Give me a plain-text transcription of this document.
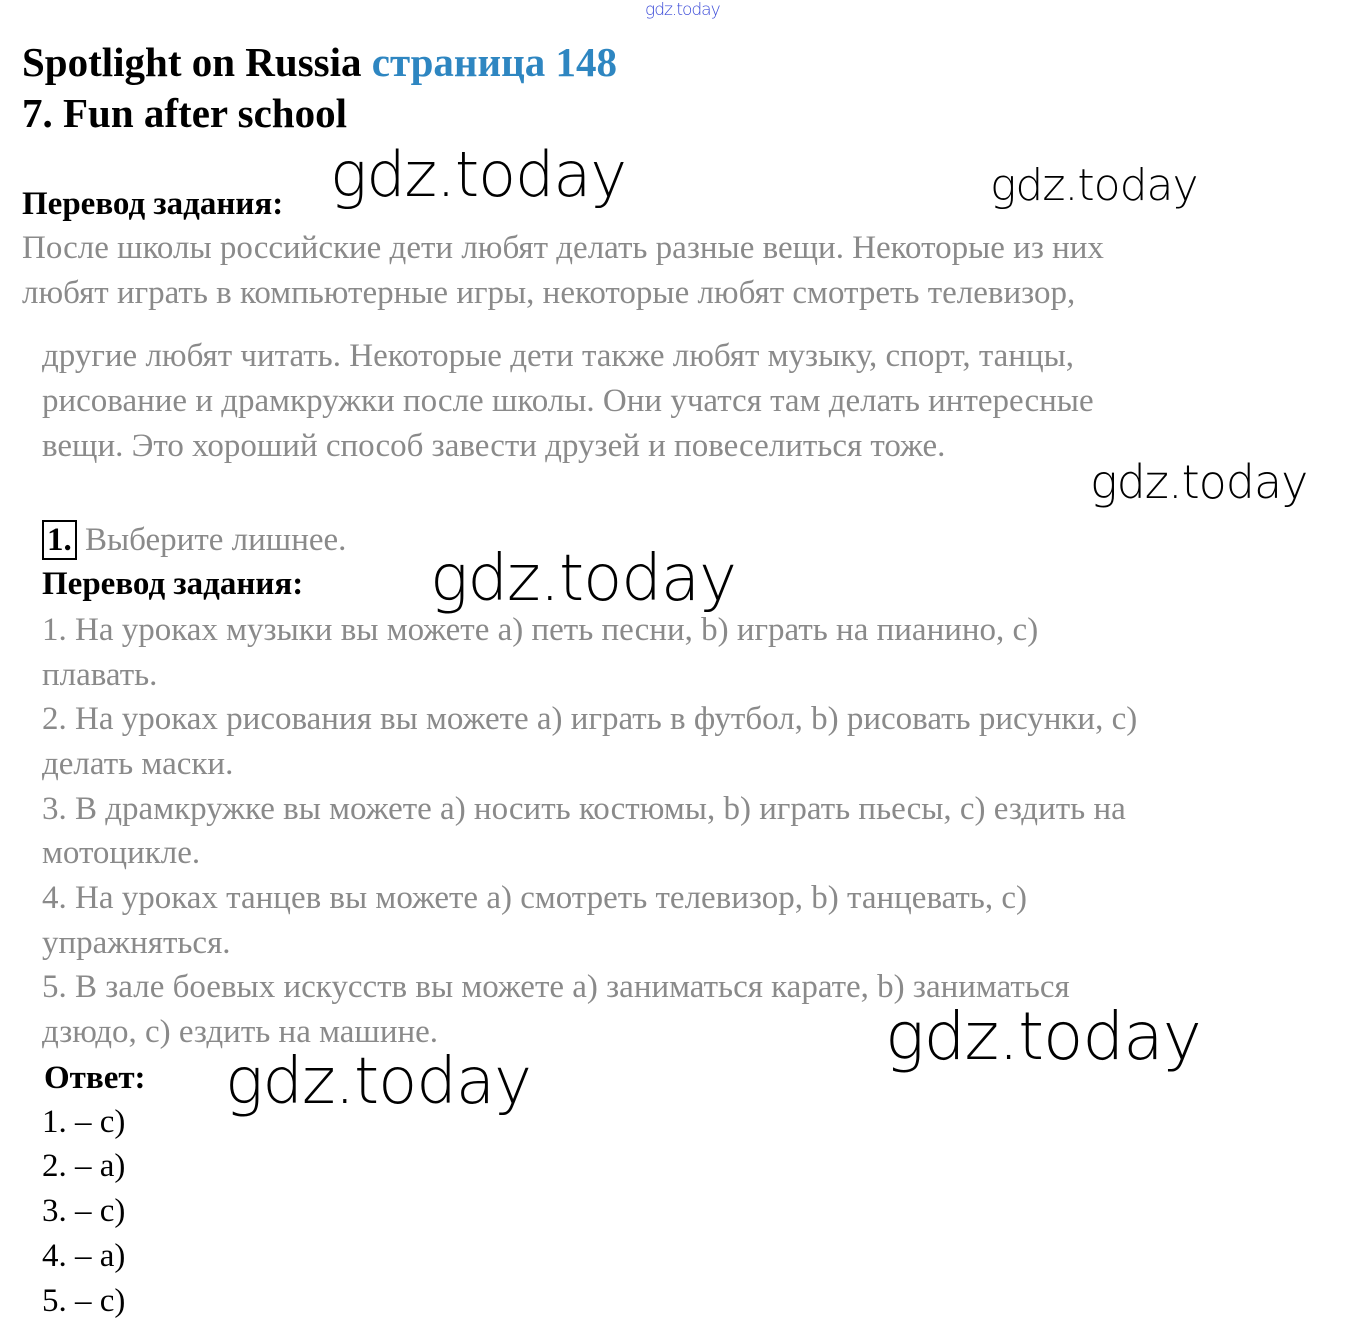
gdz.today
Spotlight on Russia страница 148
7. Fun after school
Перевод задания:
После школы российские дети любят делать разные вещи. Некоторые из них
любят играть в компьютерные игры, некоторые любят смотреть телевизор,
другие любят читать. Некоторые дети также любят музыку, спорт, танцы,
рисование и драмкружки после школы. Они учатся там делать интересные
вещи. Это хороший способ завести друзей и повеселиться тоже.
1. Выберите лишнее.
Перевод задания:
1. На уроках музыки вы можете a) петь песни, b) играть на пианино, c)
плавать.
2. На уроках рисования вы можете a) играть в футбол, b) рисовать рисунки, c)
делать маски.
3. В драмкружке вы можете a) носить костюмы, b) играть пьесы, c) ездить на
мотоцикле.
4. На уроках танцев вы можете a) смотреть телевизор, b) танцевать, c)
упражняться.
5. В зале боевых искусств вы можете a) заниматься карате, b) заниматься
дзюдо, c) ездить на машине.
Ответ:
1. – c)
2. – a)
3. – c)
4. – a)
5. – c)
gdz.today	gdz.today
gdz.today
gdz.today
gdz.today
gdz.today
